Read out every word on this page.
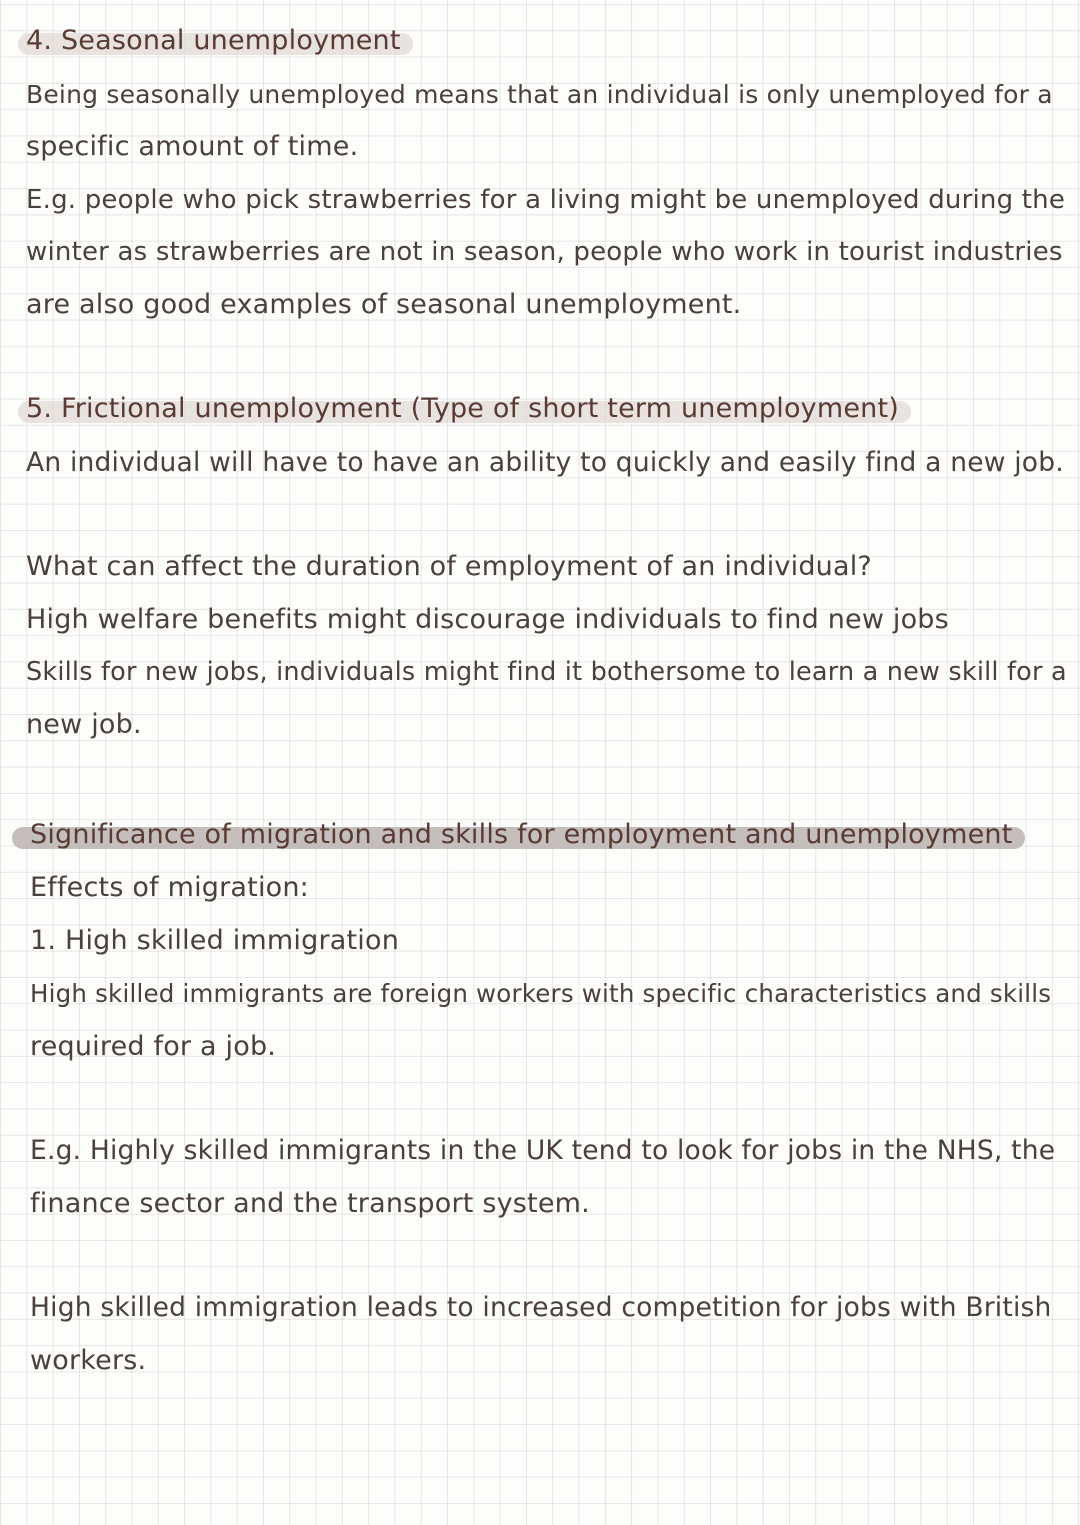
4. Seasonal unemployment
Being seasonally unemployed means that an individual is only unemployed for a
specific amount of time.
E.g. people who pick strawberries for a living might be unemployed during the
winter as strawberries are not in season, people who work in tourist industries
are also good examples of seasonal unemployment.
5. Frictional unemployment (Type of short term unemployment)
An individual will have to have an ability to quickly and easily find a new job.
What can affect the duration of employment of an individual?
High welfare benefits might discourage individuals to find new jobs
Skills for new jobs, individuals might find it bothersome to learn a new skill for a
new job.
Significance of migration and skills for employment and unemployment
Effects of migration:
1. High skilled immigration
High skilled immigrants are foreign workers with specific characteristics and skills
required for a job.
E.g. Highly skilled immigrants in the UK tend to look for jobs in the NHS, the
finance sector and the transport system.
High skilled immigration leads to increased competition for jobs with British
workers.
